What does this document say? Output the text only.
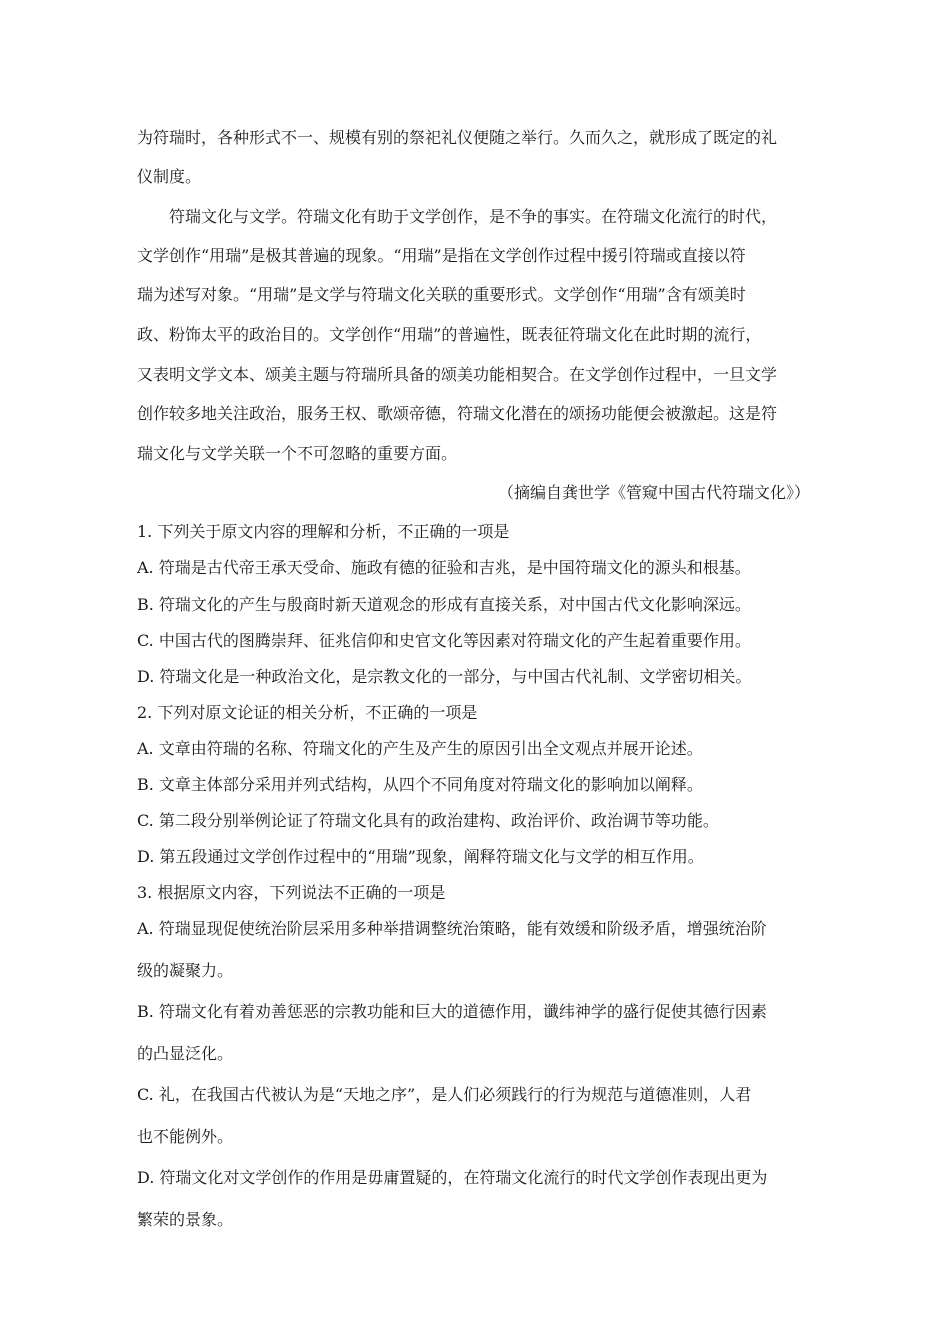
为符瑞时，各种形式不一、规模有别的祭祀礼仪便随之举行。久而久之，就形成了既定的礼
仪制度。
符瑞文化与文学。符瑞文化有助于文学创作，是不争的事实。在符瑞文化流行的时代，
文学创作“用瑞”是极其普遍的现象。“用瑞”是指在文学创作过程中援引符瑞或直接以符
瑞为述写对象。“用瑞”是文学与符瑞文化关联的重要形式。文学创作“用瑞”含有颂美时
政、粉饰太平的政治目的。文学创作“用瑞”的普遍性，既表征符瑞文化在此时期的流行，
又表明文学文本、颂美主题与符瑞所具备的颂美功能相契合。在文学创作过程中，一旦文学
创作较多地关注政治，服务王权、歌颂帝德，符瑞文化潜在的颂扬功能便会被激起。这是符
瑞文化与文学关联一个不可忽略的重要方面。
（摘编自龚世学《管窥中国古代符瑞文化》）
1. 下列关于原文内容的理解和分析，不正确的一项是
A. 符瑞是古代帝王承天受命、施政有德的征验和吉兆，是中国符瑞文化的源头和根基。
B. 符瑞文化的产生与殷商时新天道观念的形成有直接关系，对中国古代文化影响深远。
C. 中国古代的图腾崇拜、征兆信仰和史官文化等因素对符瑞文化的产生起着重要作用。
D. 符瑞文化是一种政治文化，是宗教文化的一部分，与中国古代礼制、文学密切相关。
2. 下列对原文论证的相关分析，不正确的一项是
A. 文章由符瑞的名称、符瑞文化的产生及产生的原因引出全文观点并展开论述。
B. 文章主体部分采用并列式结构，从四个不同角度对符瑞文化的影响加以阐释。
C. 第二段分别举例论证了符瑞文化具有的政治建构、政治评价、政治调节等功能。
D. 第五段通过文学创作过程中的“用瑞”现象，阐释符瑞文化与文学的相互作用。
3. 根据原文内容，下列说法不正确的一项是
A. 符瑞显现促使统治阶层采用多种举措调整统治策略，能有效缓和阶级矛盾，增强统治阶
级的凝聚力。
B. 符瑞文化有着劝善惩恶的宗教功能和巨大的道德作用，谶纬神学的盛行促使其德行因素
的凸显泛化。
C. 礼，在我国古代被认为是“天地之序”，是人们必须践行的行为规范与道德准则，人君
也不能例外。
D. 符瑞文化对文学创作的作用是毋庸置疑的，在符瑞文化流行的时代文学创作表现出更为
繁荣的景象。
